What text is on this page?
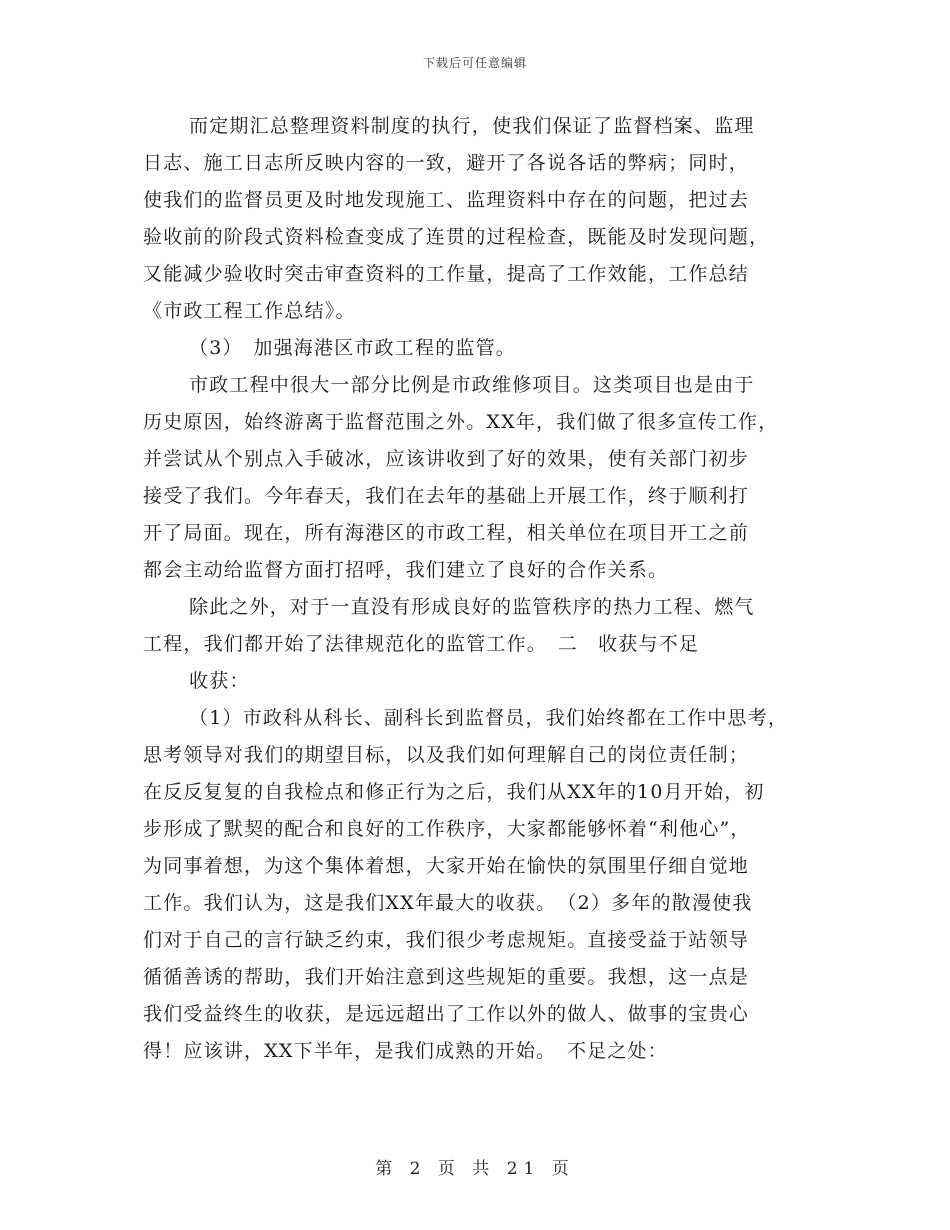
下载后可任意编辑
而定期汇总整理资料制度的执行，使我们保证了监督档案、监理
日志、施工日志所反映内容的一致，避开了各说各话的弊病；同时，
使我们的监督员更及时地发现施工、监理资料中存在的问题，把过去
验收前的阶段式资料检查变成了连贯的过程检查，既能及时发现问题，
又能减少验收时突击审查资料的工作量，提高了工作效能，工作总结
《市政工程工作总结》。
（3）　加强海港区市政工程的监管。
市政工程中很大一部分比例是市政维修项目。这类项目也是由于
历史原因，始终游离于监督范围之外。XX年，我们做了很多宣传工作，
并尝试从个别点入手破冰，应该讲收到了好的效果，使有关部门初步
接受了我们。今年春天，我们在去年的基础上开展工作，终于顺利打
开了局面。现在，所有海港区的市政工程，相关单位在项目开工之前
都会主动给监督方面打招呼，我们建立了良好的合作关系。
除此之外，对于一直没有形成良好的监管秩序的热力工程、燃气
工程，我们都开始了法律规范化的监管工作。　二　收获与不足
收获：
（1）市政科从科长、副科长到监督员，我们始终都在工作中思考，
思考领导对我们的期望目标，以及我们如何理解自己的岗位责任制；
在反反复复的自我检点和修正行为之后，我们从XX年的10月开始，初
步形成了默契的配合和良好的工作秩序，大家都能够怀着“利他心”，
为同事着想，为这个集体着想，大家开始在愉快的氛围里仔细自觉地
工作。我们认为，这是我们XX年最大的收获。　（2）多年的散漫使我
们对于自己的言行缺乏约束，我们很少考虑规矩。直接受益于站领导
循循善诱的帮助，我们开始注意到这些规矩的重要。我想，这一点是
我们受益终生的收获，是远远超出了工作以外的做人、做事的宝贵心
得！应该讲，XX下半年，是我们成熟的开始。　不足之处：
第 2 页 共 21 页
